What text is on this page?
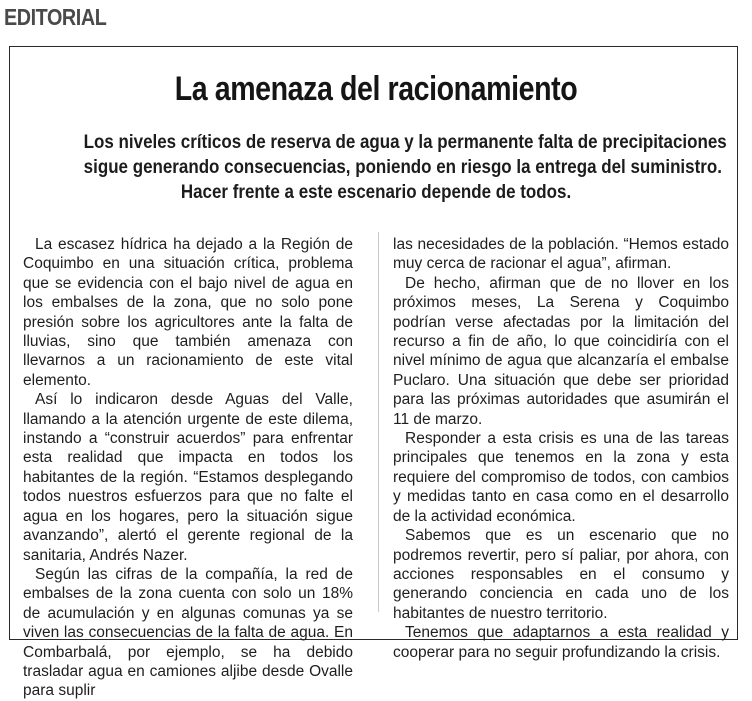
EDITORIAL
La amenaza del racionamiento
Los niveles críticos de reserva de agua y la permanente falta de precipitaciones
sigue generando consecuencias, poniendo en riesgo la entrega del suministro.
Hacer frente a este escenario depende de todos.

La escasez hídrica ha dejado a la Región de Coquimbo en una situación crítica, problema que se evidencia con el bajo nivel de agua en los embalses de la zona, que no solo pone presión sobre los agricultores ante la falta de lluvias, sino que también amenaza con llevarnos a un racionamiento de este vital elemento.

Así lo indicaron desde Aguas del Valle, llamando a la atención urgente de este dilema, instando a “construir acuerdos” para enfrentar esta realidad que impacta en todos los habitantes de la región. “Estamos desplegando todos nuestros esfuerzos para que no falte el agua en los hogares, pero la situación sigue avanzando”, alertó el gerente regional de la sanitaria, Andrés Nazer.

Según las cifras de la compañía, la red de embalses de la zona cuenta con solo un 18% de acumulación y en algunas comunas ya se viven las consecuencias de la falta de agua. En Combarbalá, por ejemplo, se ha debido trasladar agua en camiones aljibe desde Ovalle para suplir

las necesidades de la población. “Hemos estado muy cerca de racionar el agua”, afirman.

De hecho, afirman que de no llover en los próximos meses, La Serena y Coquimbo podrían verse afectadas por la limitación del recurso a fin de año, lo que coincidiría con el nivel mínimo de agua que alcanzaría el embalse Puclaro. Una situación que debe ser prioridad para las próximas autoridades que asumirán el 11 de marzo.

Responder a esta crisis es una de las tareas principales que tenemos en la zona y esta requiere del compromiso de todos, con cambios y medidas tanto en casa como en el desarrollo de la actividad económica.

Sabemos que es un escenario que no podremos revertir, pero sí paliar, por ahora, con acciones responsables en el consumo y generando conciencia en cada uno de los habitantes de nuestro territorio.

Tenemos que adaptarnos a esta realidad y cooperar para no seguir profundizando la crisis.
